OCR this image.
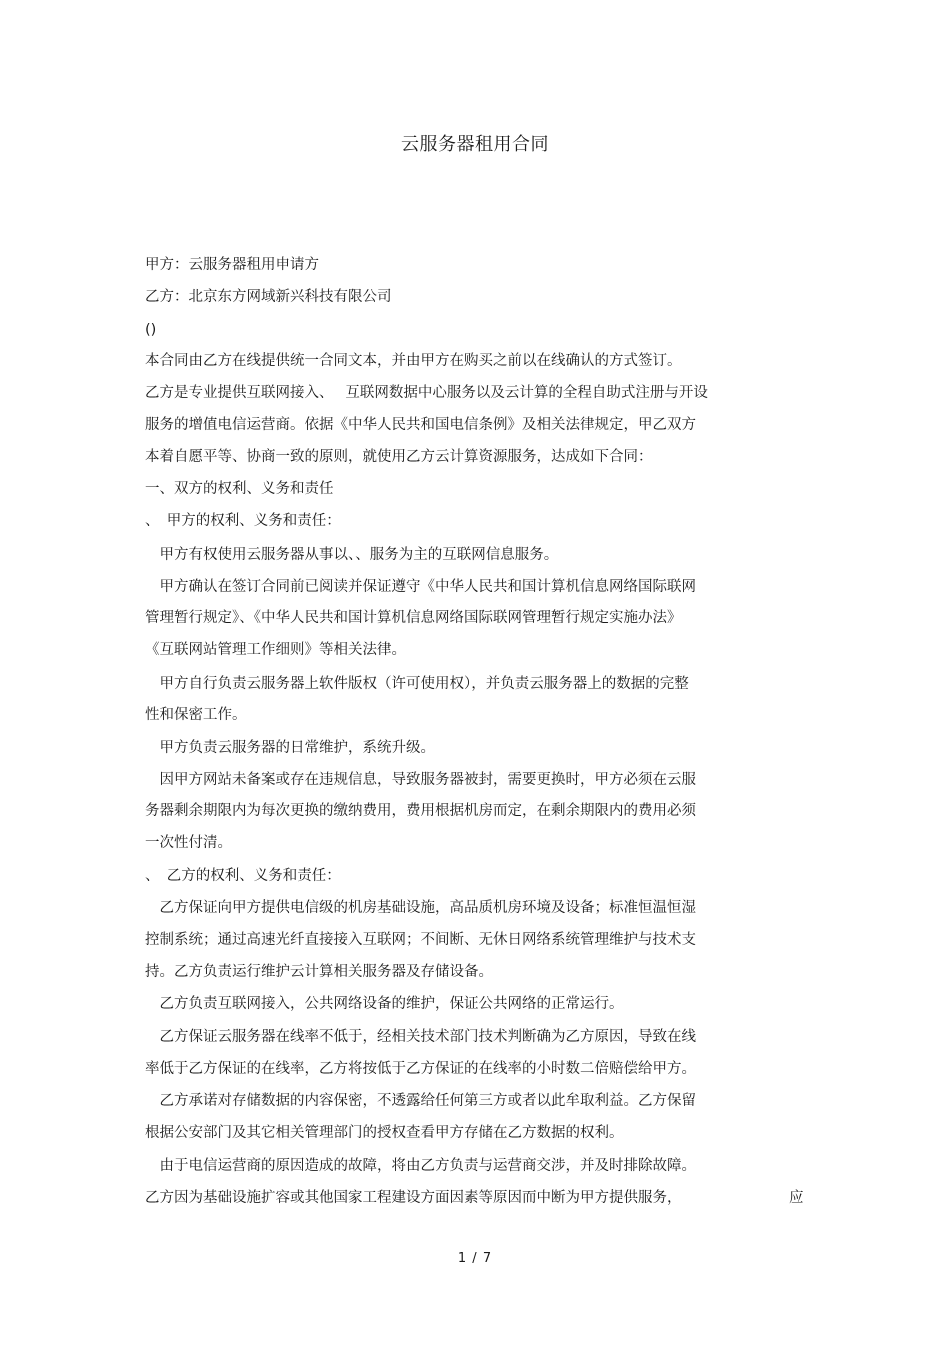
云服务器租用合同
甲方：云服务器租用申请方
乙方：北京东方网域新兴科技有限公司
()
本合同由乙方在线提供统一合同文本，并由甲方在购买之前以在线确认的方式签订。
乙方是专业提供互联网接入、　 互联网数据中心服务以及云计算的全程自助式注册与开设
服务的增值电信运营商。依据《中华人民共和国电信条例》及相关法律规定，甲乙双方
本着自愿平等、协商一致的原则，就使用乙方云计算资源服务，达成如下合同：
一、双方的权利、义务和责任
、　甲方的权利、义务和责任：
　甲方有权使用云服务器从事以、、服务为主的互联网信息服务。
　甲方确认在签订合同前已阅读并保证遵守《中华人民共和国计算机信息网络国际联网
管理暂行规定》、《中华人民共和国计算机信息网络国际联网管理暂行规定实施办法》
《互联网站管理工作细则》等相关法律。
　甲方自行负责云服务器上软件版权（许可使用权），并负责云服务器上的数据的完整
性和保密工作。
　甲方负责云服务器的日常维护，系统升级。
　因甲方网站未备案或存在违规信息，导致服务器被封，需要更换时，甲方必须在云服
务器剩余期限内为每次更换的缴纳费用，费用根据机房而定，在剩余期限内的费用必须
一次性付清。
、　乙方的权利、义务和责任：
　乙方保证向甲方提供电信级的机房基础设施，高品质机房环境及设备；标准恒温恒湿
控制系统；通过高速光纤直接接入互联网；不间断、无休日网络系统管理维护与技术支
持。乙方负责运行维护云计算相关服务器及存储设备。
　乙方负责互联网接入，公共网络设备的维护，保证公共网络的正常运行。
　乙方保证云服务器在线率不低于，经相关技术部门技术判断确为乙方原因，导致在线
率低于乙方保证的在线率，乙方将按低于乙方保证的在线率的小时数二倍赔偿给甲方。
　乙方承诺对存储数据的内容保密，不透露给任何第三方或者以此牟取利益。乙方保留
根据公安部门及其它相关管理部门的授权查看甲方存储在乙方数据的权利。
　由于电信运营商的原因造成的故障，将由乙方负责与运营商交涉，并及时排除故障。
乙方因为基础设施扩容或其他国家工程建设方面因素等原因而中断为甲方提供服务，	应
1 / 7
